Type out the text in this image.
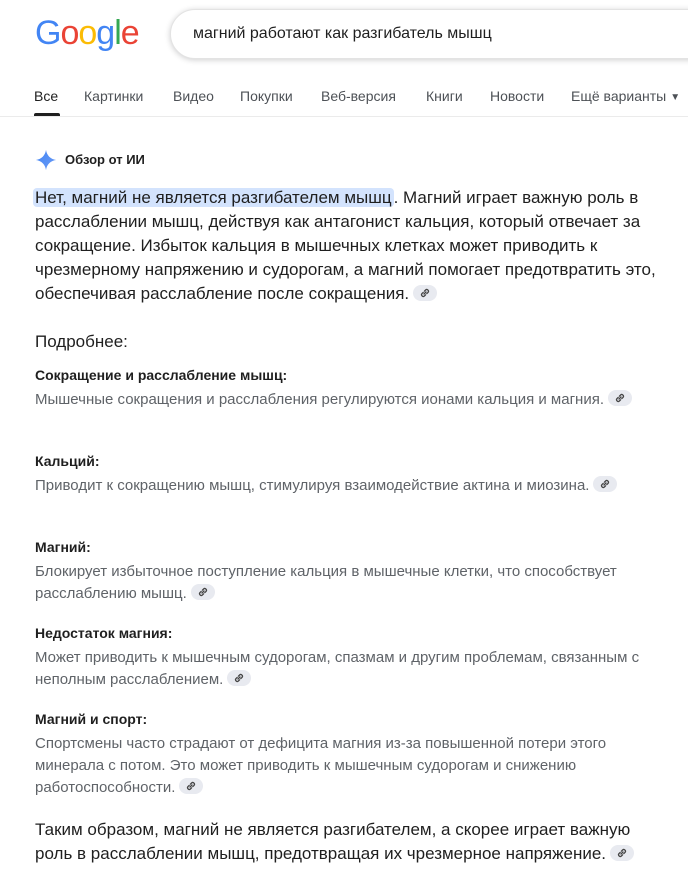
Google	магний работают как разгибатель мышц
Все Картинки Видео Покупки Веб-версия Книги Новости Ещё варианты ▼
Обзор от ИИ

Нет, магний не является разгибателем мышц . Магний играет важную роль в расслаблении мышц, действуя как антагонист кальция, который отвечает за сокращение. Избыток кальция в мышечных клетках может приводить к чрезмерному напряжению и судорогам, а магний помогает предотвратить это, обеспечивая расслабление после сокращения.

Подробнее:

Сокращение и расслабление мышц:

Мышечные сокращения и расслабления регулируются ионами кальция и магния.

Кальций:

Приводит к сокращению мышц, стимулируя взаимодействие актина и миозина.

Магний:

Блокирует избыточное поступление кальция в мышечные клетки, что способствует расслаблению мышц.

Недостаток магния:

Может приводить к мышечным судорогам, спазмам и другим проблемам, связанным с неполным расслаблением.

Магний и спорт:

Спортсмены часто страдают от дефицита магния из-за повышенной потери этого минерала с потом. Это может приводить к мышечным судорогам и снижению работоспособности.

Таким образом, магний не является разгибателем, а скорее играет важную роль в расслаблении мышц, предотвращая их чрезмерное напряжение.
